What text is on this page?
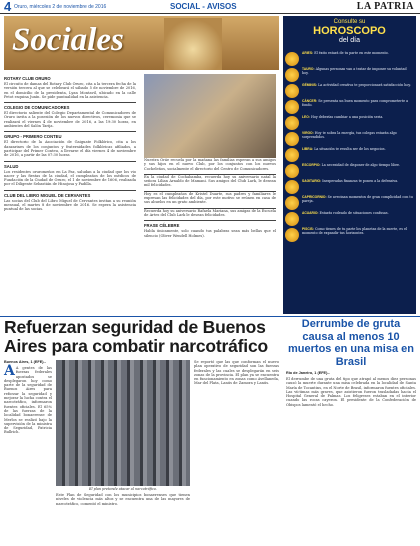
4 Oruro, miércoles 2 de noviembre de 2016	SOCIAL - AVISOS	LA PATRIA
Sociales
ROTARY CLUB ORURO
El circuito de damas del Rotary Club Oruro, cita a la tercera fecha de la versión tercera al que se celebrará el sábado 5 de noviembre de 2016, en el domicilio de la presidenta, Lyan Montavil, ubicado en la calle Petot esquina Junín. Se pide puntualidad en la asistencia.
COLEGIO DE COMUNICADORES
El directorio saliente del Colegio Departamental de Comunicadores de Oruro invita a la posesión de los nuevos directivos, ceremonia que se realizará el viernes 4 de noviembre de 2016, a las 19:30 horas, en ambientes del Salón Tarija.
GRUPO - PRIMERO CONTEU
El directorio de la Asociación de Gaiguate Folklórico, cita a los danzarines de los conjuntos y fraternidades folklóricas afiliados, a participar del Primer Conteu, a llevarse el día viernes 4 de noviembre de 2016, a partir de las 07:30 horas.
SALUD
Los residentes oruromeños en La Paz, saludan a la ciudad que los vio nacer y las fiestas de la ciudad, el cumpleaños de los médicos de Fundación de la Ciudad de Oruro, el 1 de noviembre de 1606, realizada por el Diligente Sebastián de Hinojosa y Padilla.
CLUB DEL LIBRO MIGUEL DE CERVANTES
Las socias del Club del Libro Miguel de Cervantes invitan a su reunión mensual, el martes 8 de noviembre de 2016. Se espera la asistencia puntual de las socias.
Nuestra Oráe recuela por la mañana las familias esperan a sus amigos y sus hijos en el nuevo Club, por los conjuntos con los nuevos Cocheleños, socialmente el directorio del Centro de Comunicadores.
En la ciudad de Cochabamba, recuerda hoy su aniversario natal la señora Lilian Arnaldo de Mamani. Sus amigos del Club Lark, le desean mil felicidades.
Hoy es el cumpleaños de Kristel Duarte, sus padres y familiares le expresan las felicidades del día, por este motivo se reúnen en casa de sus abuelos en un grato ambiente.
Recuerda hoy su aniversario Rafaela Mariana, sus amigas de la Escuela de Artes del Club Lark le desean felicidades.
FRASE CÉLEBRE
Habla únicamente, solo cuando tus palabras sean más bellas que el silencio (Oliver Wendell Holmes).
Consulte su
HOROSCOPO
del día
ARIES: El éxito estará de tu parte en este momento.
TAURO: Algunas personas van a tratar de imponer su voluntad hoy.
GÉMINIS: La actividad creativa te proporcionará satisfacción hoy.
CÁNCER: Se presenta un buen momento para comprometerte a fondo.
LEO: Hoy deberías cambiar a una posición seria.
VIRGO: Hoy te sobra la energía, tus colegas estarán algo sorprendidos.
LIBRA: La situación te resulta ser de los negocios.
ESCORPIO: La necesidad de disponer de algo tiempo libre.
SAGITARIO: Inesperadas finanzas te ponen a la defensiva.
CAPRICORNIO: Se avecinan momentos de gran complicidad con tu pareja.
ACUARIO: Estarás rodeado de situaciones confusas.
PISCIS: Como tienes de tu parte los planetas de la suerte, es el momento de expandir tus horizontes.
Refuerzan seguridad de Buenos Aires para combatir narcotráfico
Buenos Aires, 1 (EFE).-
A A gentes de las fuerzas federales apostados se desplegaron hoy como parte de la seguridad de Buenos Aires para reforzar la seguridad y mejorar la lucha contra el narcotráfico, informaron fuentes oficiales. El 65% de las fuerzas de la localidad bonaerense de Merlos se realizó bajo la supervisión de la ministra de Seguridad, Patricia Bullrich.
El plan pretende atacar al narcotráfico.
Se reportó que las que conforman el nuevo plan operativo de seguridad son las fuerzas federales y las cuales se desplegarán en seis zonas de la provincia. El plan ya se encuentra en funcionamiento en zonas como Avellaneda, Mar del Plata, Lanús de Zamora y Lanús.
Este Plan de Seguridad con los municipios bonaerenses que tienen niveles de violencia más altos y se encuentra una de las mayores de narcotráfico, comentó el ministro.
Derrumbe de gruta causa al menos 10 muertos en una misa en Brasil
Rio de Janeiro, 1 (EFE).-
El derrumbe de una gruta del tipo que atrapó al menos diez personas causó la muerte durante una misa celebrada en la localidad de Santa María de Tocantins, en el Norte de Brasil, informaron fuentes oficiales. Las víctimas más graves, que asistieron fueron trasladadas hacia el Hospital General de Palmas. Los feligreses estaban en el interior cuando las rocas cayeron. El presidente de la Confederación de Obispos lamentó el hecho.
